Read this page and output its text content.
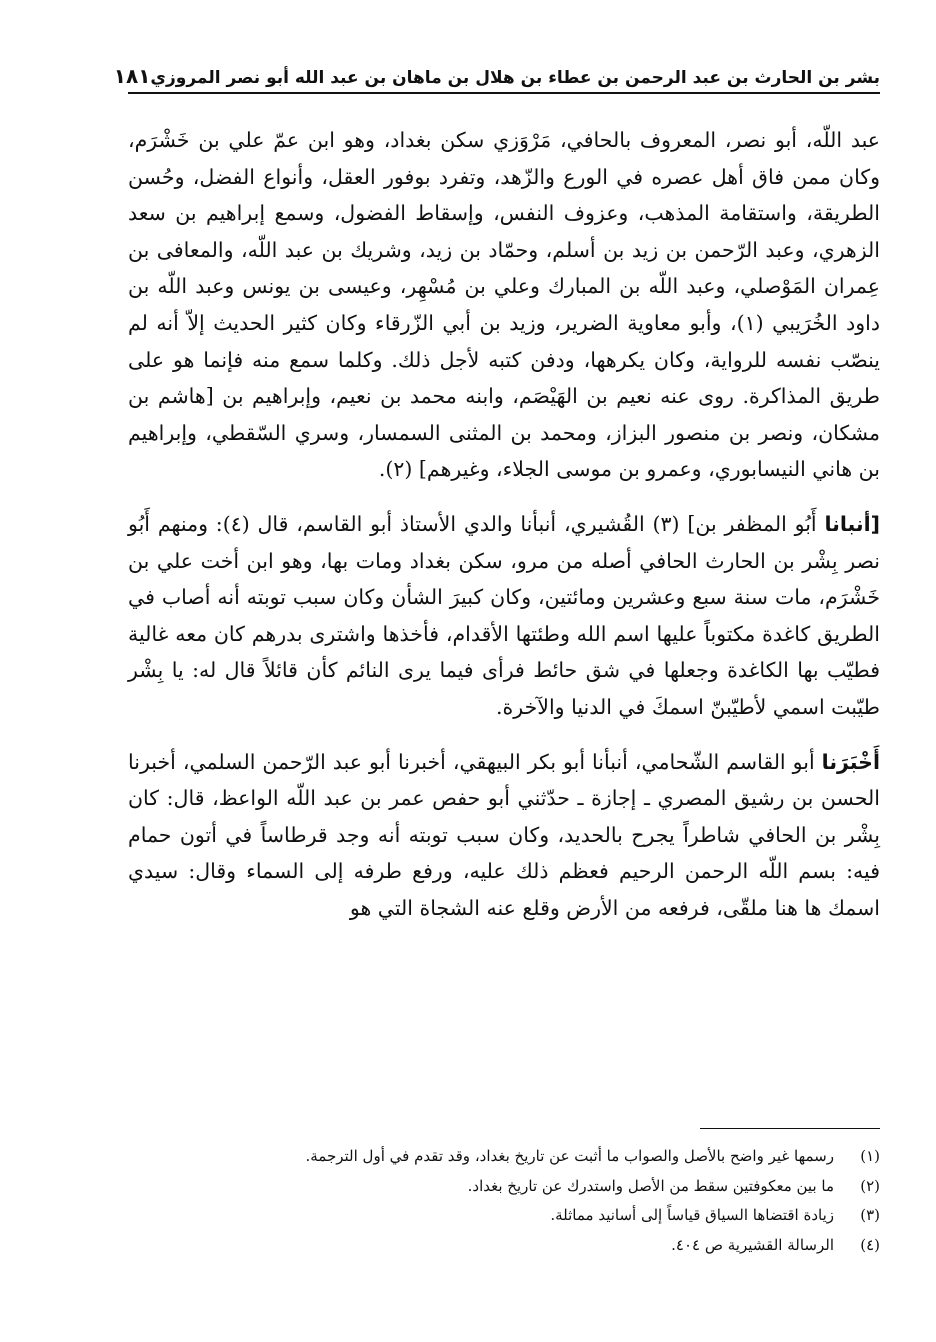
بشر بن الحارث بن عبد الرحمن بن عطاء بن هلال بن ماهان بن عبد الله أبو نصر المروزي
١٨١

عبد اللّه، أبو نصر، المعروف بالحافي، مَرْوَزي سكن بغداد، وهو ابن عمّ علي بن خَشْرَم، وكان ممن فاق أهل عصره في الورع والزّهد، وتفرد بوفور العقل، وأنواع الفضل، وحُسن الطريقة، واستقامة المذهب، وعزوف النفس، وإسقاط الفضول، وسمع إبراهيم بن سعد الزهري، وعبد الرّحمن بن زيد بن أسلم، وحمّاد بن زيد، وشريك بن عبد اللّه، والمعافى بن عِمران المَوْصلي، وعبد اللّه بن المبارك وعلي بن مُسْهِر، وعيسى بن يونس وعبد اللّه بن داود الخُرَيبي (١)، وأبو معاوية الضرير، وزيد بن أبي الزّرقاء وكان كثير الحديث إلاّ أنه لم ينصّب نفسه للرواية، وكان يكرهها، ودفن كتبه لأجل ذلك. وكلما سمع منه فإنما هو على طريق المذاكرة. روى عنه نعيم بن الهَيْصَم، وابنه محمد بن نعيم، وإبراهيم بن [هاشم بن مشكان، ونصر بن منصور البزاز، ومحمد بن المثنى السمسار، وسري السّقطي، وإبراهيم بن هاني النيسابوري، وعمرو بن موسى الجلاء، وغيرهم] (٢).

[أنبانا أَبُو المظفر بن] (٣) القُشيري، أنبأنا والدي الأستاذ أبو القاسم، قال (٤): ومنهم أَبُو نصر بِشْر بن الحارث الحافي أصله من مرو، سكن بغداد ومات بها، وهو ابن أخت علي بن خَشْرَم، مات سنة سبع وعشرين ومائتين، وكان كبيرَ الشأن وكان سبب توبته أنه أصاب في الطريق كاغدة مكتوباً عليها اسم الله وطئتها الأقدام، فأخذها واشترى بدرهم كان معه غالية فطيّب بها الكاغدة وجعلها في شق حائط فرأى فيما يرى النائم كأن قائلاً قال له: يا بِشْر طيّبت اسمي لأطيّبنّ اسمكَ في الدنيا والآخرة.

أَخْبَرَنا أبو القاسم الشّحامي، أنبأنا أبو بكر البيهقي، أخبرنا أبو عبد الرّحمن السلمي، أخبرنا الحسن بن رشيق المصري ـ إجازة ـ حدّثني أبو حفص عمر بن عبد اللّه الواعظ، قال: كان بِشْر بن الحافي شاطراً يجرح بالحديد، وكان سبب توبته أنه وجد قرطاساً في أتون حمام فيه: بسم اللّه الرحمن الرحيم فعظم ذلك عليه، ورفع طرفه إلى السماء وقال: سيدي اسمك ها هنا ملقّى، فرفعه من الأرض وقلع عنه الشجاة التي هو

(١)
رسمها غير واضح بالأصل والصواب ما أثبت عن تاريخ بغداد، وقد تقدم في أول الترجمة.
(٢)
ما بين معكوفتين سقط من الأصل واستدرك عن تاريخ بغداد.
(٣)
زيادة اقتضاها السياق قياساً إلى أسانيد مماثلة.
(٤)
الرسالة القشيرية ص ٤٠٤.
